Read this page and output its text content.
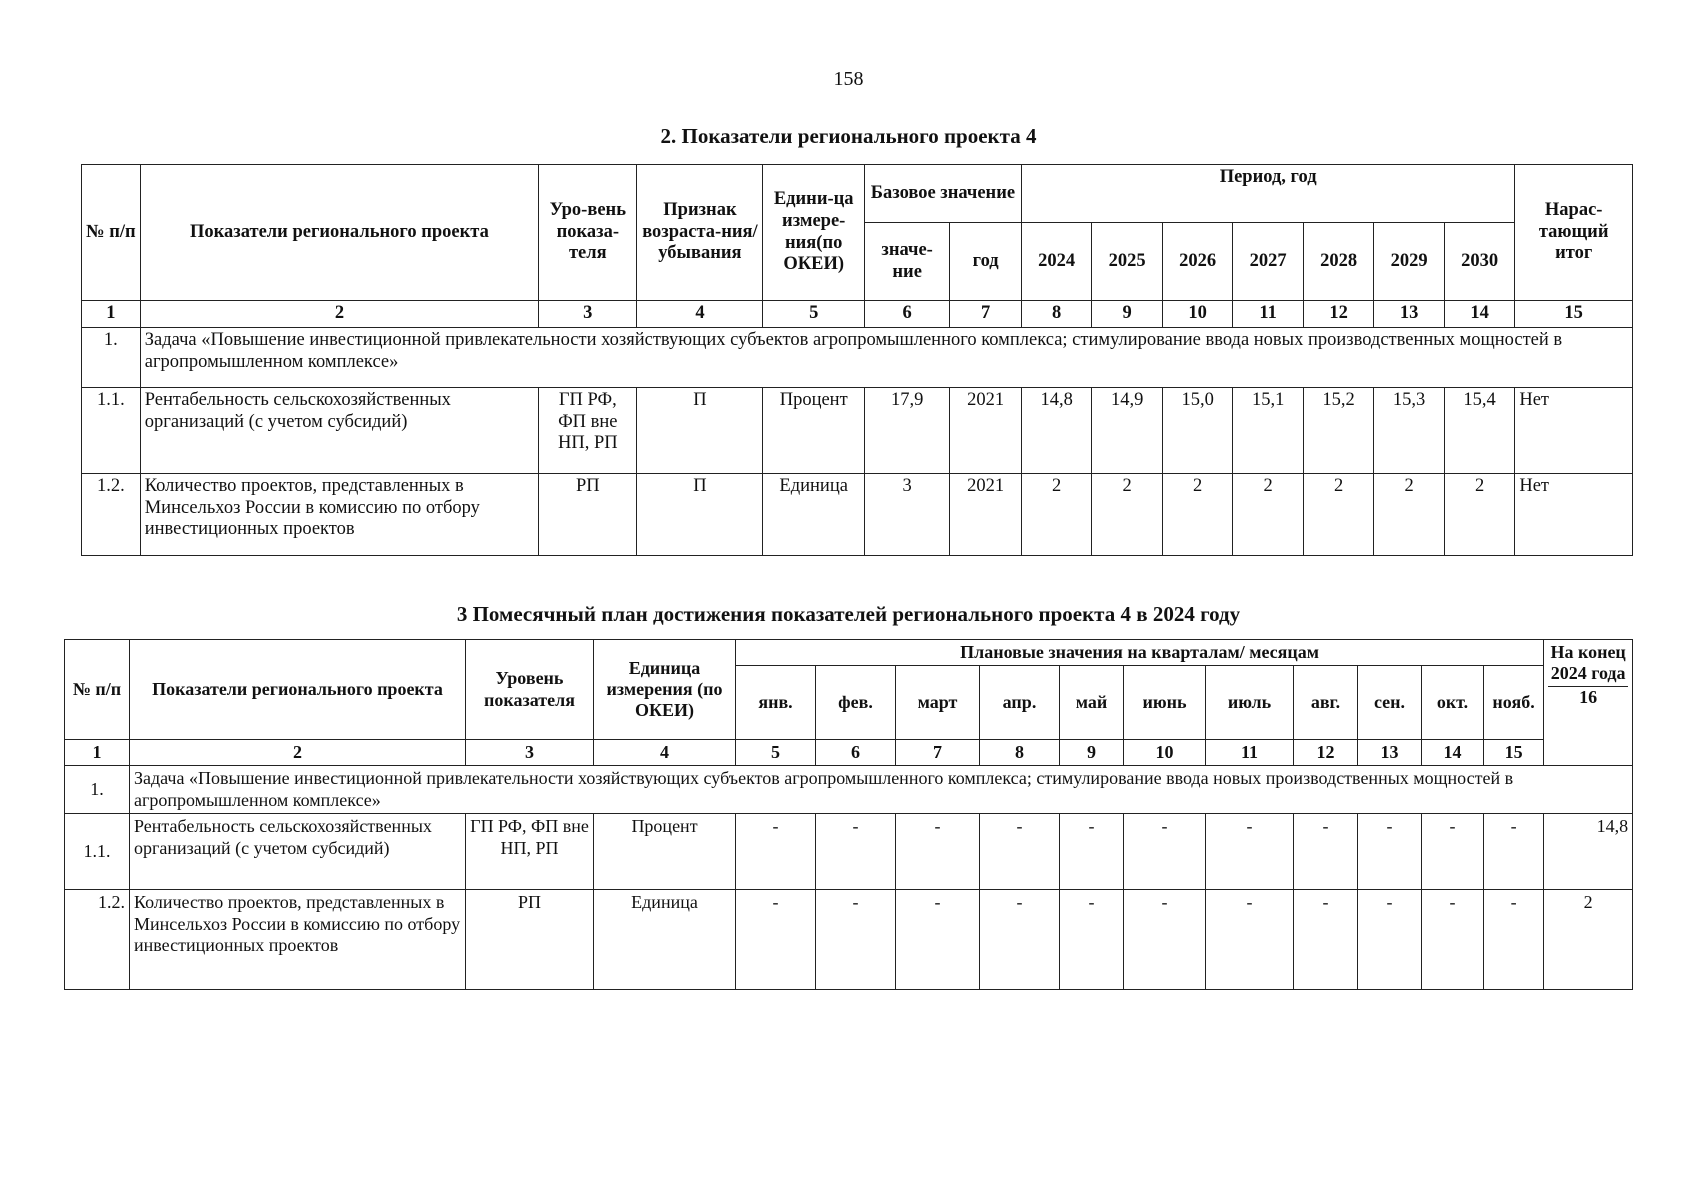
158
2. Показатели регионального проекта 4
№ п/п	Показатели регионального проекта	Уро-вень показа-теля	Признак возраста-ния/ убывания	Едини-ца измере-ния(по ОКЕИ)	Базовое значение		Период, год							Нарас-тающий итог
					значе-ние	год	2024	2025	2026	2027	2028	2029	2030	
1	2	3	4	5	6	7	8	9	10	11	12	13	14	15
1.	Задача «Повышение инвестиционной привлекательности хозяйствующих субъектов агропромышленного комплекса; стимулирование ввода новых производственных мощностей в агропромышленном комплексе»													
1.1.	Рентабельность сельскохозяйственных организаций (с учетом субсидий)	ГП РФ, ФП вне НП, РП	П	Процент	17,9	2021	14,8	14,9	15,0	15,1	15,2	15,3	15,4	Нет
1.2.	Количество проектов, представленных в Минсельхоз России в комиссию по отбору инвестиционных проектов	РП	П	Единица	3	2021	2	2	2	2	2	2	2	Нет
3 Помесячный план достижения показателей регионального проекта 4 в 2024 году
№ п/п	Показатели регионального проекта	Уровень показателя	Единица измерения (по ОКЕИ)	Плановые значения на кварталам/ месяцам											На конец 2024 года
16

				янв.	фев.	март	апр.	май	июнь	июль	авг.	сен.	окт.	нояб.	
1	2	3	4	5	6	7	8	9	10	11	12	13	14	15	
1.	Задача «Повышение инвестиционной привлекательности хозяйствующих субъектов агропромышленного комплекса; стимулирование ввода новых производственных мощностей в агропромышленном комплексе»														
1.1.	Рентабельность сельскохозяйственных организаций (с учетом субсидий)	ГП РФ, ФП вне НП, РП	Процент	-	-	-	-	-	-	-	-	-	-	-	14,8
1.2.	Количество проектов, представленных в Минсельхоз России в комиссию по отбору инвестиционных проектов	РП	Единица	-	-	-	-	-	-	-	-	-	-	-	2
